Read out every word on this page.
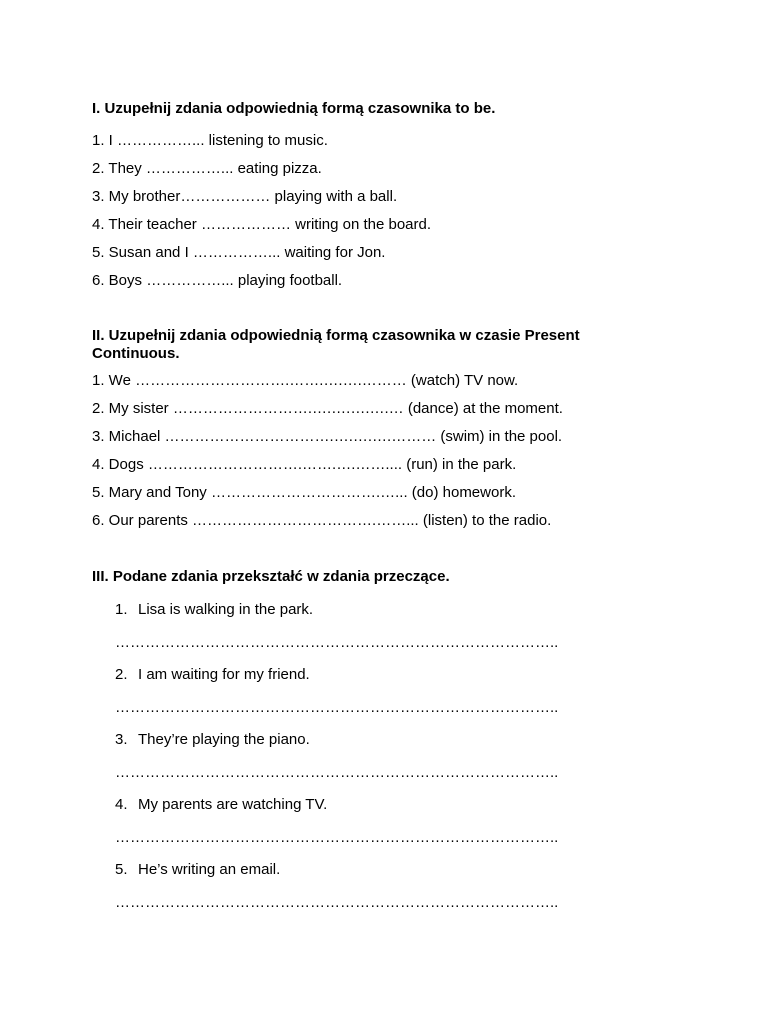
I. Uzupełnij zdania odpowiednią formą czasownika to be.

1. I ……………... listening to music.
2. They ……………... eating pizza.
3. My brother……………… playing with a ball.
4. Their teacher ……………… writing on the board.
5. Susan and I ……………... waiting for Jon.
6. Boys ……………... playing football.

II. Uzupełnij zdania odpowiednią formą czasownika w czasie Present Continuous.

1. We ………………………….…….….….……… (watch) TV now.
2. My sister ……………………….….….….….… (dance) at the moment.
3. Michael …………………………….….….….……… (swim) in the pool.
4. Dogs ………………………….…….….…….... (run) in the park.
5. Mary and Tony …………………………….…... (do) homework.
6. Our parents ……………………………….……... (listen) to the radio.

III. Podane zdania przekształć w zdania przeczące.

1. Lisa is walking in the park.
……………………………………………………………………………..
2. I am waiting for my friend.
……………………………………………………………………………..
3. They’re playing the piano.
……………………………………………………………………………..
4. My parents are watching TV.
……………………………………………………………………………..
5. He’s writing an email.
……………………………………………………………………………..
